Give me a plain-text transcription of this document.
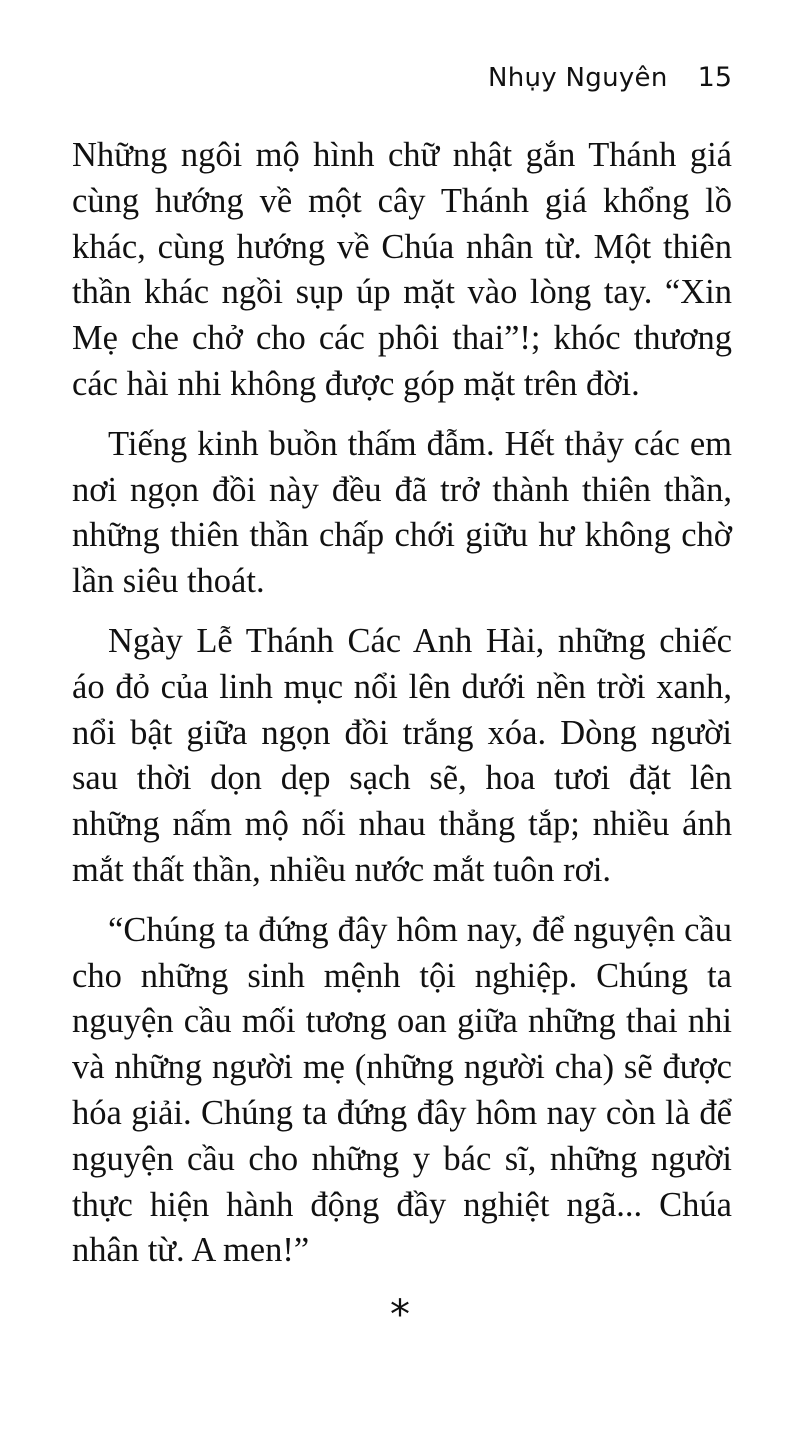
Nhụy Nguyên 15

Những ngôi mộ hình chữ nhật gắn Thánh giá cùng hướng về một cây Thánh giá khổng lồ khác, cùng hướng về Chúa nhân từ. Một thiên thần khác ngồi sụp úp mặt vào lòng tay. “Xin Mẹ che chở cho các phôi thai”!; khóc thương các hài nhi không được góp mặt trên đời.

Tiếng kinh buồn thấm đẫm. Hết thảy các em nơi ngọn đồi này đều đã trở thành thiên thần, những thiên thần chấp chới giữu hư không chờ lần siêu thoát.

Ngày Lễ Thánh Các Anh Hài, những chiếc áo đỏ của linh mục nổi lên dưới nền trời xanh, nổi bật giữa ngọn đồi trắng xóa. Dòng người sau thời dọn dẹp sạch sẽ, hoa tươi đặt lên những nấm mộ nối nhau thẳng tắp; nhiều ánh mắt thất thần, nhiều nước mắt tuôn rơi.

“Chúng ta đứng đây hôm nay, để nguyện cầu cho những sinh mệnh tội nghiệp. Chúng ta nguyện cầu mối tương oan giữa những thai nhi và những người mẹ (những người cha) sẽ được hóa giải. Chúng ta đứng đây hôm nay còn là để nguyện cầu cho những y bác sĩ, những người thực hiện hành động đầy nghiệt ngã... Chúa nhân từ. A men!”

*
